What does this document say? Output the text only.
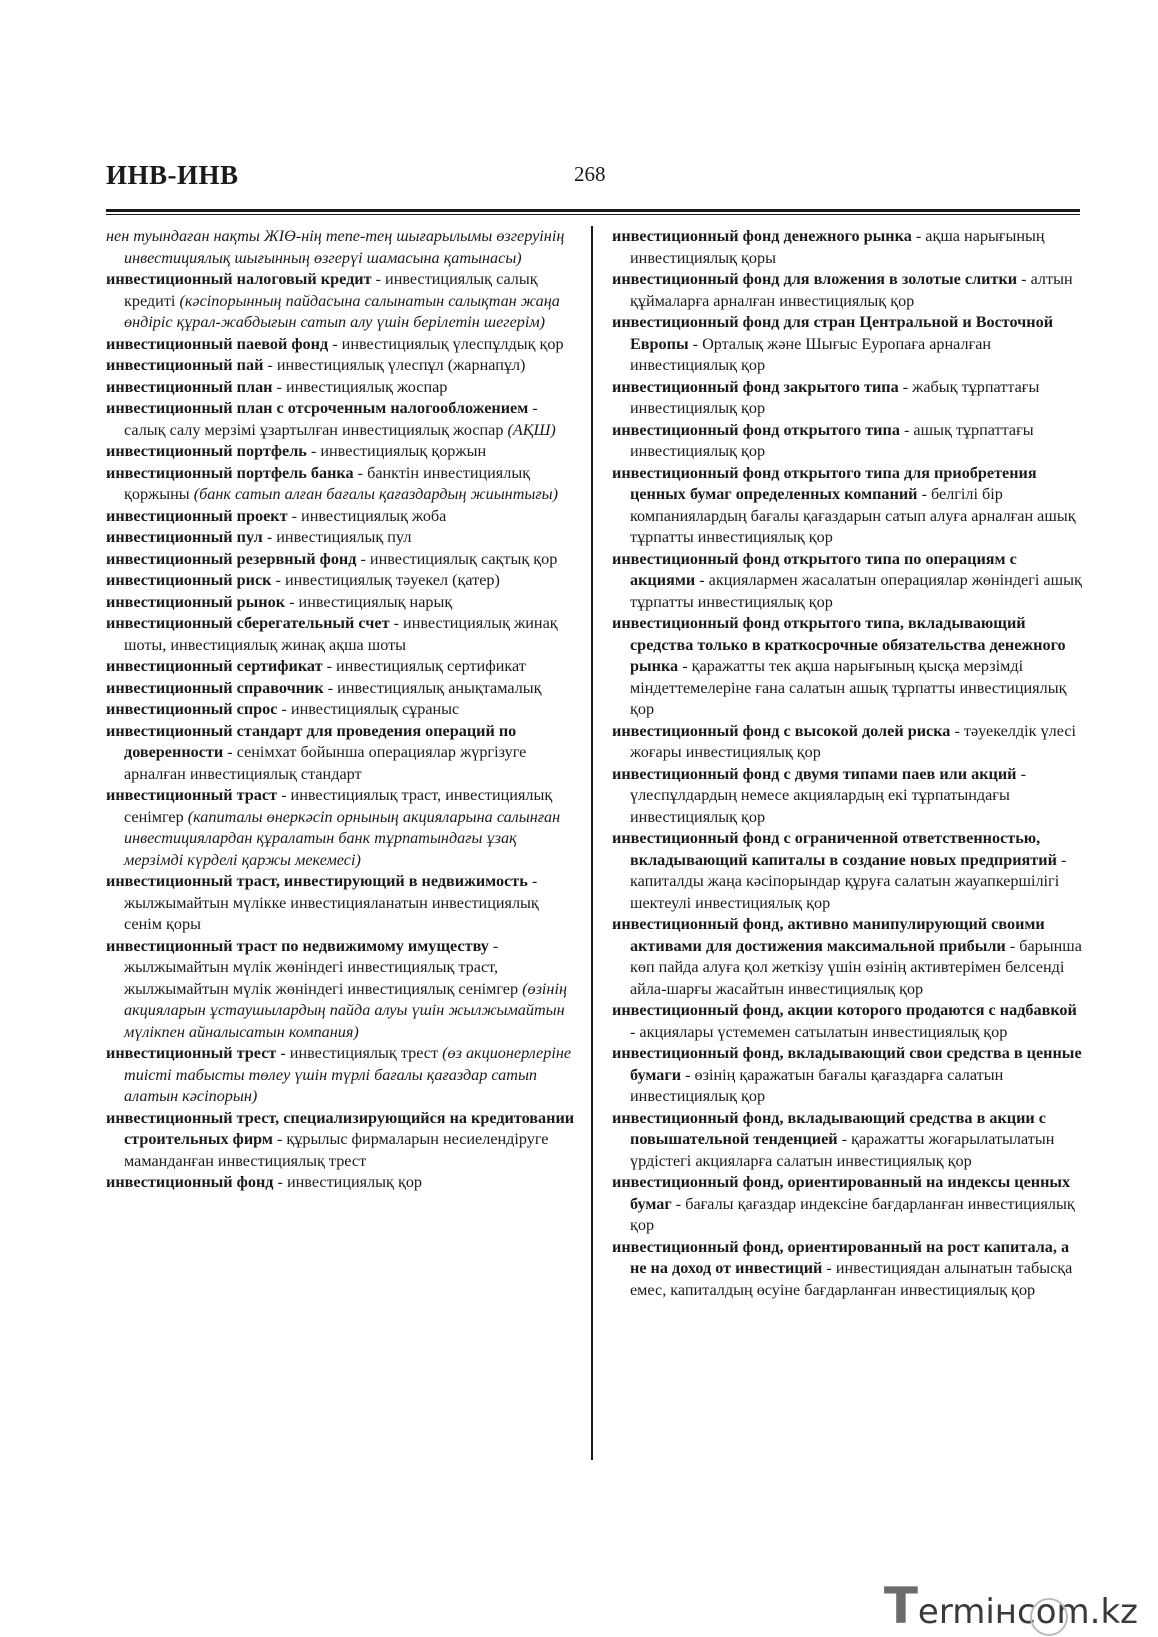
ИНВ-ИНВ	268

нен туындаған нақты ЖІӨ-нің тепе-тең шығарылымы өзгеруінің инвестициялық шығынның өзгерүі шамасына қатынасы)

инвестиционный налоговый кредит - инвестициялық салық кредиті (кәсіпорынның пайдасына салынатын салықтан жаңа өндіріс құрал-жабдығын сатып алу үшін берілетін шегерім)

инвестиционный паевой фонд - инвестициялық үлеспұлдық қор

инвестиционный пай - инвестициялық үлеспұл (жарнапұл)

инвестиционный план - инвестициялық жоспар

инвестиционный план с отсроченным налогообложением - салық салу мерзімі ұзартылған инвестициялық жоспар (АҚШ)

инвестиционный портфель - инвестициялық қоржын

инвестиционный портфель банка - банктін инвестициялық қоржыны (банк сатып алған бағалы қағаздардың жиынтығы)

инвестиционный проект - инвестициялық жоба

инвестиционный пул - инвестициялық пул

инвестиционный резервный фонд - инвестициялық сақтық қор

инвестиционный риск - инвестициялық тәуекел (қатер)

инвестиционный рынок - инвестициялық нарық

инвестиционный сберегательный счет - инвестициялық жинақ шоты, инвестициялық жинақ ақша шоты

инвестиционный сертификат - инвестициялық сертификат

инвестиционный справочник - инвестициялық анықтамалық

инвестиционный спрос - инвестициялық сұраныс

инвестиционный стандарт для проведения операций по доверенности - сенімхат бойынша операциялар жүргізуге арналған инвестициялық стандарт

инвестиционный траст - инвестициялық траст, инвестициялық сенімгер (капиталы өнеркәсіп орнының акцияларына салынған инвестициялардан құралатын банк тұрпатындағы ұзақ мерзімді күрделі қаржы мекемесі)

инвестиционный траст, инвестирующий в недвижимость - жылжымайтын мүлікке инвестицияланатын инвестициялық сенім қоры

инвестиционный траст по недвижимому имуществу - жылжымайтын мүлік жөніндегі инвестициялық траст, жылжымайтын мүлік жөніндегі инвестициялық сенімгер (өзінің акцияларын ұстаушылардың пайда алуы үшін жылжымайтын мүлікпен айналысатын компания)

инвестиционный трест - инвестициялық трест (өз акционерлеріне тиісті табысты төлеу үшін түрлі бағалы қағаздар сатып алатын кәсіпорын)

инвестиционный трест, специализирующийся на кредитовании строительных фирм - құрылыс фирмаларын несиелендіруге маманданған инвестициялық трест

инвестиционный фонд - инвестициялық қор

инвестиционный фонд денежного рынка - ақша нарығының инвестициялық қоры

инвестиционный фонд для вложения в золотые слитки - алтын құймаларға арналған инвестициялық қор

инвестиционный фонд для стран Центральной и Восточной Европы - Орталық және Шығыс Еуропаға арналған инвестициялық қор

инвестиционный фонд закрытого типа - жабық тұрпаттағы инвестициялық қор

инвестиционный фонд открытого типа - ашық тұрпаттағы инвестициялық қор

инвестиционный фонд открытого типа для приобретения ценных бумаг определенных компаний - белгілі бір компаниялардың бағалы қағаздарын сатып алуға арналған ашық тұрпатты инвестициялық қор

инвестиционный фонд открытого типа по операциям с акциями - акциялармен жасалатын операциялар жөніндегі ашық тұрпатты инвестициялық қор

инвестиционный фонд открытого типа, вкладывающий средства только в краткосрочные обязательства денежного рынка - қаражатты тек ақша нарығының қысқа мерзімді міндеттемелеріне ғана салатын ашық тұрпатты инвестициялық қор

инвестиционный фонд с высокой долей риска - тәуекелдік үлесі жоғары инвестициялық қор

инвестиционный фонд с двумя типами паев или акций - үлеспұлдардың немесе акциялардың екі тұрпатындағы инвестициялық қор

инвестиционный фонд с ограниченной ответственностью, вкладывающий капиталы в создание новых предприятий - капиталды жаңа кәсіпорындар құруға салатын жауапкершілігі шектеулі инвестициялық қор

инвестиционный фонд, активно манипулирующий своими активами для достижения максимальной прибыли - барынша көп пайда алуға қол жеткізу үшін өзінің активтерімен белсенді айла-шарғы жасайтын инвестициялық қор

инвестиционный фонд, акции которого продаются с надбавкой - акциялары үстемемен сатылатын инвестициялық қор

инвестиционный фонд, вкладывающий свои средства в ценные бумаги - өзінің қаражатын бағалы қағаздарға салатын инвестициялық қор

инвестиционный фонд, вкладывающий средства в акции с повышательной тенденцией - қаражатты жоғарылатылатын үрдістегі акцияларға салатын инвестициялық қор

инвестиционный фонд, ориентированный на индексы ценных бумаг - бағалы қағаздар индексіне бағдарланған инвестициялық қор

инвестиционный фонд, ориентированный на рост капитала, а не на доход от инвестиций - инвестициядан алынатын табысқа емес, капиталдың өсуіне бағдарланған инвестициялық қор

T ermінc o m.kz
